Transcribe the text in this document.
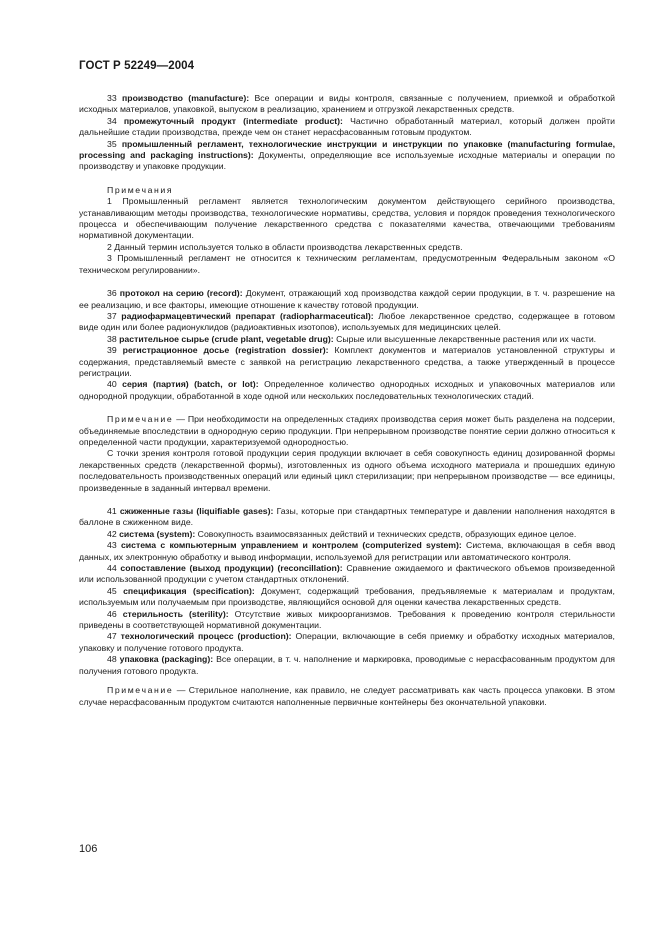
ГОСТ Р 52249—2004

33 производство (manufacture): Все операции и виды контроля, связанные с получением, приемкой и обработкой исходных материалов, упаковкой, выпуском в реализацию, хранением и отгрузкой лекарственных средств.

34 промежуточный продукт (intermediate product): Частично обработанный материал, который должен пройти дальнейшие стадии производства, прежде чем он станет нерасфасованным готовым продуктом.

35 промышленный регламент, технологические инструкции и инструкции по упаковке (manufacturing formulae, processing and packaging instructions): Документы, определяющие все используемые исходные материалы и операции по производству и упаковке продукции.

Примечания

1 Промышленный регламент является технологическим документом действующего серийного производства, устанавливающим методы производства, технологические нормативы, средства, условия и порядок проведения технологического процесса и обеспечивающим получение лекарственного средства с показателями качества, отвечающими требованиям нормативной документации.

2 Данный термин используется только в области производства лекарственных средств.

3 Промышленный регламент не относится к техническим регламентам, предусмотренным Федеральным законом «О техническом регулировании».

36 протокол на серию (record): Документ, отражающий ход производства каждой серии продукции, в т. ч. разрешение на ее реализацию, и все факторы, имеющие отношение к качеству готовой продукции.

37 радиофармацевтический препарат (radiopharmaceutical): Любое лекарственное средство, содержащее в готовом виде один или более радионуклидов (радиоактивных изотопов), используемых для медицинских целей.

38 растительное сырье (crude plant, vegetable drug): Сырые или высушенные лекарственные растения или их части.

39 регистрационное досье (registration dossier): Комплект документов и материалов установленной структуры и содержания, представляемый вместе с заявкой на регистрацию лекарственного средства, а также утвержденный в процессе регистрации.

40 серия (партия) (batch, or lot): Определенное количество однородных исходных и упаковочных материалов или однородной продукции, обработанной в ходе одной или нескольких последовательных технологических стадий.

Примечание — При необходимости на определенных стадиях производства серия может быть разделена на подсерии, объединяемые впоследствии в однородную серию продукции. При непрерывном производстве понятие серии должно относиться к определенной части продукции, характеризуемой однородностью.

С точки зрения контроля готовой продукции серия продукции включает в себя совокупность единиц дозированной формы лекарственных средств (лекарственной формы), изготовленных из одного объема исходного материала и прошедших единую последовательность производственных операций или единый цикл стерилизации; при непрерывном производстве — все единицы, произведенные в заданный интервал времени.

41 сжиженные газы (liquifiable gases): Газы, которые при стандартных температуре и давлении наполнения находятся в баллоне в сжиженном виде.

42 система (system): Совокупность взаимосвязанных действий и технических средств, образующих единое целое.

43 система с компьютерным управлением и контролем (computerized system): Система, включающая в себя ввод данных, их электронную обработку и вывод информации, используемой для регистрации или автоматического контроля.

44 сопоставление (выход продукции) (reconcillation): Сравнение ожидаемого и фактического объемов произведенной или использованной продукции с учетом стандартных отклонений.

45 спецификация (specification): Документ, содержащий требования, предъявляемые к материалам и продуктам, используемым или получаемым при производстве, являющийся основой для оценки качества лекарственных средств.

46 стерильность (sterility): Отсутствие живых микроорганизмов. Требования к проведению контроля стерильности приведены в соответствующей нормативной документации.

47 технологический процесс (production): Операции, включающие в себя приемку и обработку исходных материалов, упаковку и получение готового продукта.

48 упаковка (packaging): Все операции, в т. ч. наполнение и маркировка, проводимые с нерасфасованным продуктом для получения готового продукта.

Примечание — Стерильное наполнение, как правило, не следует рассматривать как часть процесса упаковки. В этом случае нерасфасованным продуктом считаются наполненные первичные контейнеры без окончательной упаковки.

106
